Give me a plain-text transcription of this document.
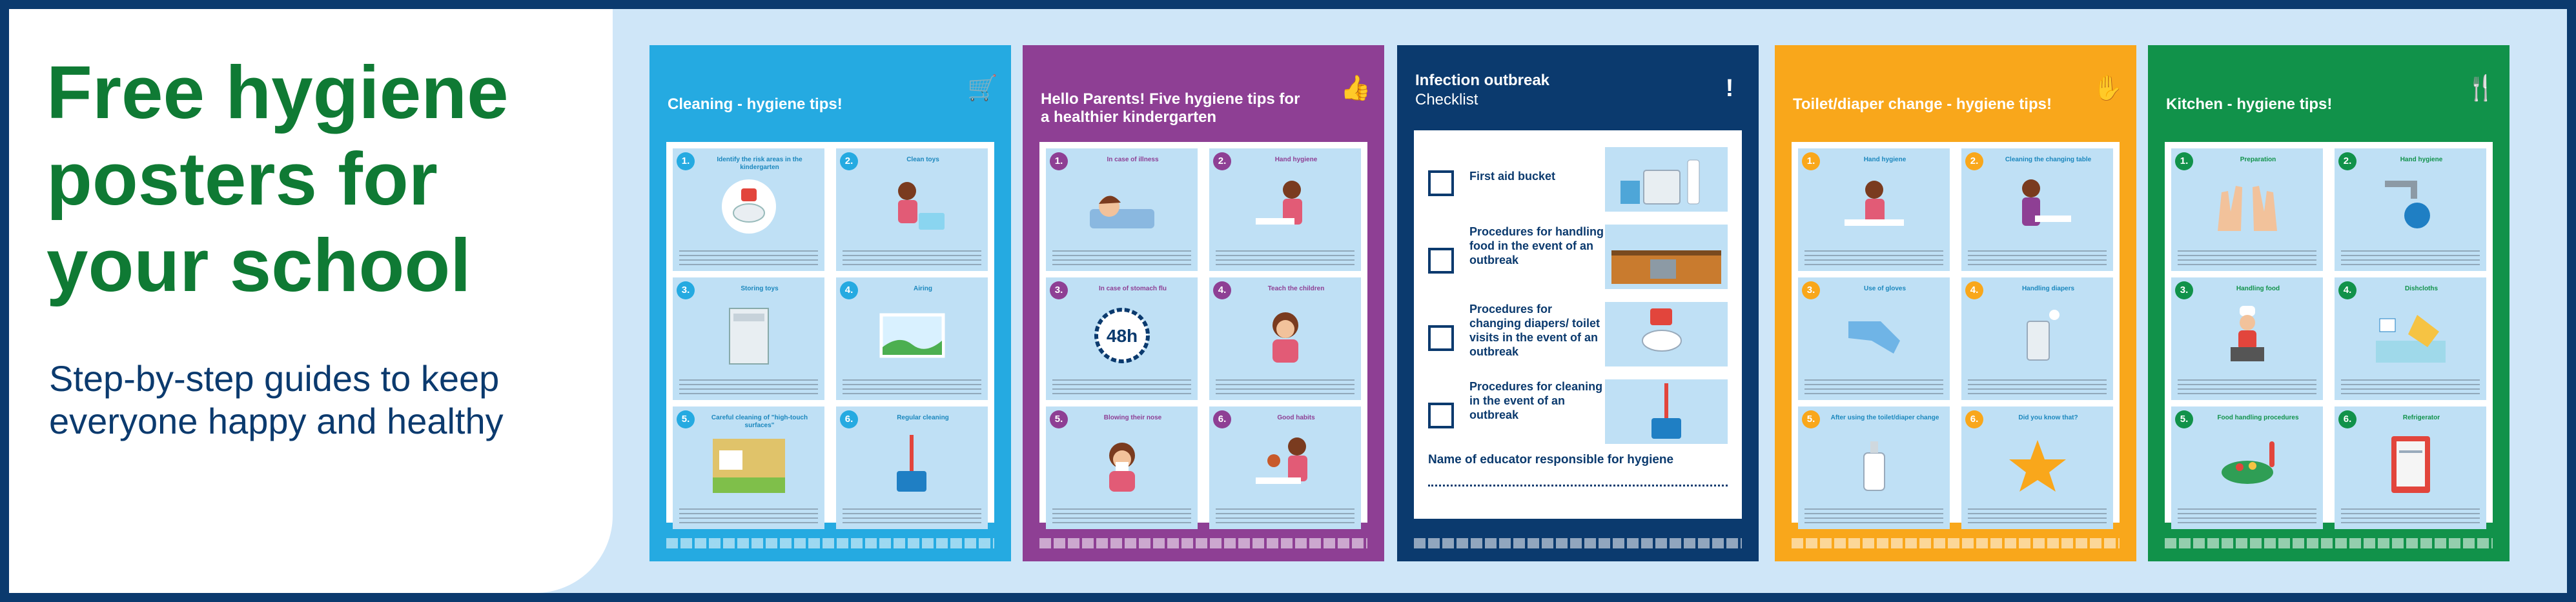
Free hygiene posters for your school
Step-by-step guides to keep everyone happy and healthy
Cleaning - hygiene tips!
🛒
1.	Identify the risk areas in the kindergarten
2.	Clean toys
3.	Storing toys	4.	Airing
5.	Careful cleaning of "high-touch surfaces"
6.	Regular cleaning
Hello Parents! Five hygiene tips for a healthier kindergarten
👍
1.	In case of illness	2.	Hand hygiene
3.	In case of stomach flu
48h
4.	Teach the children
5.	Blowing their nose	6.	Good habits
Infection outbreak
Checklist	!
First aid bucket
Procedures for handling food in the event of an outbreak
Procedures for changing diapers/ toilet visits in the event of an outbreak
Procedures for cleaning in the event of an outbreak
Name of educator responsible for hygiene
Toilet/diaper change - hygiene tips!
✋
1.	Hand hygiene	2.	Cleaning the changing table
3.	Use of gloves	4.	Handling diapers
5.	After using the toilet/diaper change	6.	Did you know that?
Kitchen - hygiene tips!
🍴
1.	Preparation	2.	Hand hygiene
3.	Handling food	4.	Dishcloths
5.	Food handling procedures	6.	Refrigerator
